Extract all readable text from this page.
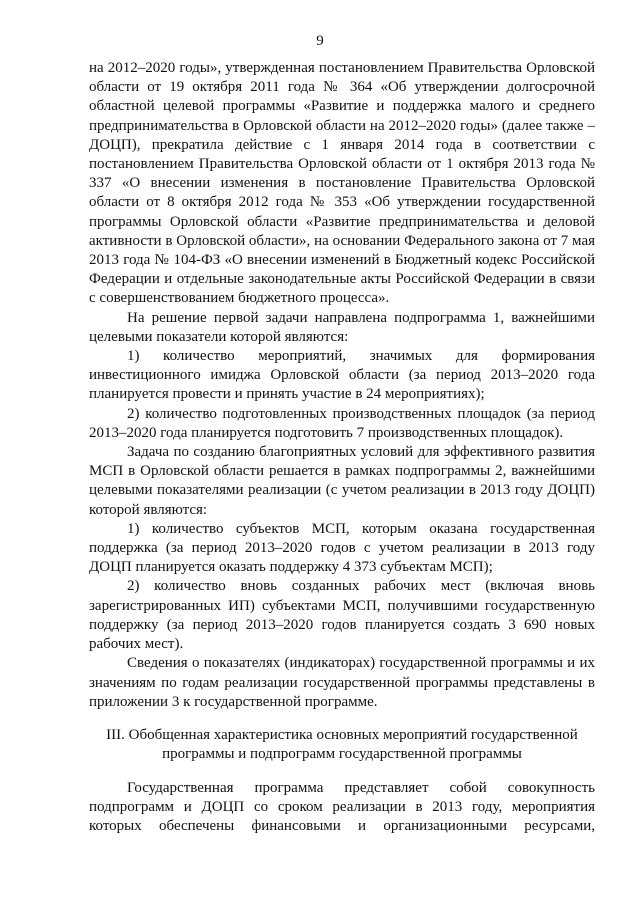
9

на 2012–2020 годы», утвержденная постановлением Правительства Орловской области от 19 октября 2011 года № 364 «Об утверждении долгосрочной областной целевой программы «Развитие и поддержка малого и среднего предпринимательства в Орловской области на 2012–2020 годы» (далее также – ДОЦП), прекратила действие с 1 января 2014 года в соответствии с постановлением Правительства Орловской области от 1 октября 2013 года № 337 «О внесении изменения в постановление Правительства Орловской области от 8 октября 2012 года № 353 «Об утверждении государственной программы Орловской области «Развитие предпринимательства и деловой активности в Орловской области», на основании Федерального закона от 7 мая 2013 года № 104-ФЗ «О внесении изменений в Бюджетный кодекс Российской Федерации и отдельные законодательные акты Российской Федерации в связи с совершенствованием бюджетного процесса».

На решение первой задачи направлена подпрограмма 1, важнейшими целевыми показатели которой являются:

1) количество мероприятий, значимых для формирования инвестиционного имиджа Орловской области (за период 2013–2020 года планируется провести и принять участие в 24 мероприятиях);

2) количество подготовленных производственных площадок (за период 2013–2020 года планируется подготовить 7 производственных площадок).

Задача по созданию благоприятных условий для эффективного развития МСП в Орловской области решается в рамках подпрограммы 2, важнейшими целевыми показателями реализации (с учетом реализации в 2013 году ДОЦП) которой являются:

1) количество субъектов МСП, которым оказана государственная поддержка (за период 2013–2020 годов с учетом реализации в 2013 году ДОЦП планируется оказать поддержку 4 373 субъектам МСП);

2) количество вновь созданных рабочих мест (включая вновь зарегистрированных ИП) субъектами МСП, получившими государственную поддержку (за период 2013–2020 годов планируется создать 3 690 новых рабочих мест).

Сведения о показателях (индикаторах) государственной программы и их значениям по годам реализации государственной программы представлены в приложении 3 к государственной программе.

III. Обобщенная характеристика основных мероприятий государственной программы и подпрограмм государственной программы

Государственная программа представляет собой совокупность подпрограмм и ДОЦП со сроком реализации в 2013 году, мероприятия которых обеспечены финансовыми и организационными ресурсами,
